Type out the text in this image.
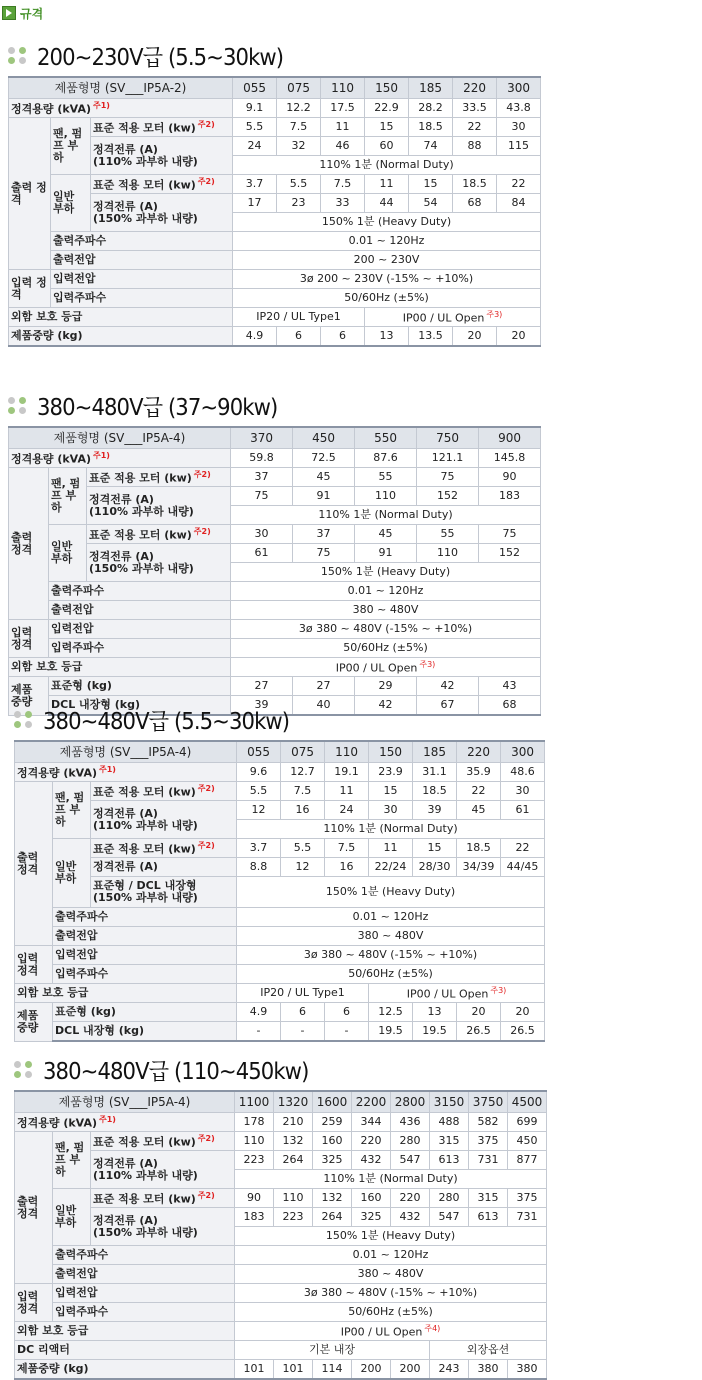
규격
200~230V급 (5.5~30kw)
제품형명 (SV___IP5A-2)			055	075	110	150	185	220	300
정격용량 (kVA) $^{주1)}$			9.1	12.2	17.5	22.9	28.2	33.5	43.8
출력 정격	팬, 펌프 부하	표준 적용 모터 (kw) $^{주2)}$	5.5	7.5	11	15	18.5	22	30
		정격전류 (A)
(110% 과부하 내량)	24	32	46	60	74	88	115
			110% 1분 (Normal Duty)						
	일반 부하	표준 적용 모터 (kw) $^{주2)}$	3.7	5.5	7.5	11	15	18.5	22
		정격전류 (A)
(150% 과부하 내량)	17	23	33	44	54	68	84
			150% 1분 (Heavy Duty)						
	출력주파수		0.01 ~ 120Hz						
	출력전압		200 ~ 230V						
입력 정격	입력전압		3ø 200 ~ 230V (-15% ~ +10%)						
	입력주파수		50/60Hz (±5%)						
외함 보호 등급			IP20 / UL Type1			IP00 / UL Open $^{주3)}$
제품중량 (kg)			4.9	6	6	13	13.5	20	20
380~480V급 (37~90kw)
제품형명 (SV___IP5A-4)			370	450	550	750	900
정격용량 (kVA) $^{주1)}$			59.8	72.5	87.6	121.1	145.8
출력 정격	팬, 펌프 부하	표준 적용 모터 (kw) $^{주2)}$	37	45	55	75	90
		정격전류 (A)
(110% 과부하 내량)	75	91	110	152	183
			110% 1분 (Normal Duty)				
	일반 부하	표준 적용 모터 (kw) $^{주2)}$	30	37	45	55	75
		정격전류 (A)
(150% 과부하 내량)	61	75	91	110	152
			150% 1분 (Heavy Duty)				
	출력주파수		0.01 ~ 120Hz				
	출력전압		380 ~ 480V				
입력 정격	입력전압		3ø 380 ~ 480V (-15% ~ +10%)				
	입력주파수		50/60Hz (±5%)				
외함 보호 등급			IP00 / UL Open $^{주3)}$
제품 중량	표준형 (kg)		27	27	29	42	43
	DCL 내장형 (kg)		39	40	42	67	68
380~480V급 (5.5~30kw)
제품형명 (SV___IP5A-4)			055	075	110	150	185	220	300
정격용량 (kVA) $^{주1)}$			9.6	12.7	19.1	23.9	31.1	35.9	48.6
출력 정격	팬, 펌프 부하	표준 적용 모터 (kw) $^{주2)}$	5.5	7.5	11	15	18.5	22	30
		정격전류 (A)
(110% 과부하 내량)	12	16	24	30	39	45	61
			110% 1분 (Normal Duty)						
	일반 부하	표준 적용 모터 (kw) $^{주2)}$	3.7	5.5	7.5	11	15	18.5	22
		정격전류 (A)	8.8	12	16	22/24	28/30	34/39	44/45
		표준형 / DCL 내장형 (150% 과부하 내량)	150% 1분 (Heavy Duty)						
	출력주파수		0.01 ~ 120Hz						
	출력전압		380 ~ 480V						
입력 정격	입력전압		3ø 380 ~ 480V (-15% ~ +10%)						
	입력주파수		50/60Hz (±5%)						
외함 보호 등급			IP20 / UL Type1			IP00 / UL Open $^{주3)}$
제품 중량	표준형 (kg)		4.9	6	6	12.5	13	20	20
	DCL 내장형 (kg)		-	-	-	19.5	19.5	26.5	26.5
380~480V급 (110~450kw)
제품형명 (SV___IP5A-4)			1100	1320	1600	2200	2800	3150	3750	4500
정격용량 (kVA) $^{주1)}$			178	210	259	344	436	488	582	699
출력 정격	팬, 펌프 부하	표준 적용 모터 (kw) $^{주2)}$	110	132	160	220	280	315	375	450
		정격전류 (A)
(110% 과부하 내량)	223	264	325	432	547	613	731	877
			110% 1분 (Normal Duty)							
	일반 부하	표준 적용 모터 (kw) $^{주2)}$	90	110	132	160	220	280	315	375
		정격전류 (A)
(150% 과부하 내량)	183	223	264	325	432	547	613	731
			150% 1분 (Heavy Duty)							
	출력주파수		0.01 ~ 120Hz							
	출력전압		380 ~ 480V							
입력 정격	입력전압		3ø 380 ~ 480V (-15% ~ +10%)							
	입력주파수		50/60Hz (±5%)							
외함 보호 등급			IP00 / UL Open $^{주4)}$
DC 리액터			기본 내장					외장옵션		
제품중량 (kg)			101	101	114	200	200	243	380	380
